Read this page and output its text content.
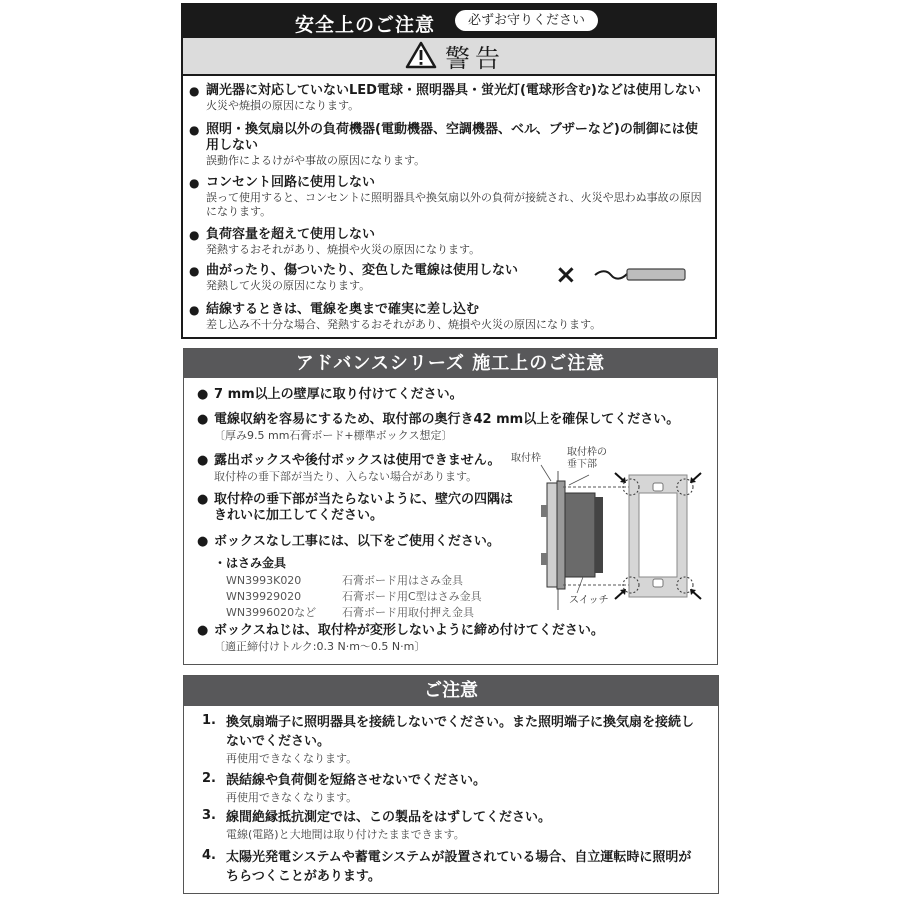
安全上のご注意	必ずお守りください
警告
● 調光器に対応していないLED電球・照明器具・蛍光灯(電球形含む)などは使用しない
火災や焼損の原因になります。
● 照明・換気扇以外の負荷機器(電動機器、空調機器、ベル、ブザーなど)の制御には使用しない
誤動作によるけがや事故の原因になります。
● コンセント回路に使用しない
誤って使用すると、コンセントに照明器具や換気扇以外の負荷が接続され、火災や思わぬ事故の原因になります。
● 負荷容量を超えて使用しない
発熱するおそれがあり、焼損や火災の原因になります。
● 曲がったり、傷ついたり、変色した電線は使用しない
発熱して火災の原因になります。
● 結線するときは、電線を奥まで確実に差し込む
差し込み不十分な場合、発熱するおそれがあり、焼損や火災の原因になります。
×
アドバンスシリーズ 施工上のご注意
● 7 mm以上の壁厚に取り付けてください。
● 電線収納を容易にするため、取付部の奥行き42 mm以上を確保してください。
〔厚み9.5 mm石膏ボード+標準ボックス想定〕
● 露出ボックスや後付ボックスは使用できません。
取付枠の垂下部が当たり、入らない場合があります。
● 取付枠の垂下部が当たらないように、壁穴の四隅はきれいに加工してください。
● ボックスなし工事には、以下をご使用ください。
・はさみ金具
WN3993K020	石膏ボード用はさみ金具
WN39929020	石膏ボード用C型はさみ金具
WN3996020など 石膏ボード用取付押え金具
● ボックスねじは、取付枠が変形しないように締め付けてください。
〔適正締付けトルク:0.3 N·m〜0.5 N·m〕
取付枠
取付枠の
垂下部
スイッチ
ご注意
1. 換気扇端子に照明器具を接続しないでください。また照明端子に換気扇を接続しないでください。
再使用できなくなります。
2. 誤結線や負荷側を短絡させないでください。
再使用できなくなります。
3. 線間絶縁抵抗測定では、この製品をはずしてください。
電線(電路)と大地間は取り付けたままできます。
4. 太陽光発電システムや蓄電システムが設置されている場合、自立運転時に照明がちらつくことがあります。
